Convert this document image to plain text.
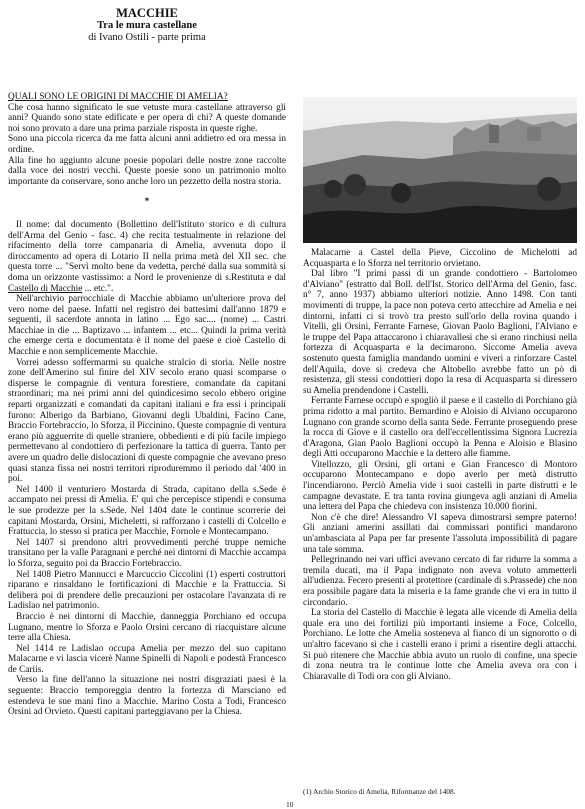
MACCHIE
Tra le mura castellane
di Ivano Ostili - parte prima

QUALI SONO LE ORIGINI DI MACCHIE DI AMELIA?

Che cosa hanno significato le sue vetuste mura castellane attraverso gli anni? Quando sono state edificate e per opera di chi? A queste domande noi sono provato a dare una prima parziale risposta in queste righe.

Sono una piccola ricerca da me fatta alcuni anni addietro ed ora messa in ordine.

Alla fine ho aggiunto alcune poesie popolari delle nostre zone raccolte dalla voce dei nostri vecchi. Queste poesie sono un patrimonio molto importante da conservare, sono anche loro un pezzetto della nostra storia.

*

Il nome: dal documento (Bollettino dell'Istituto storico e di cultura dell'Arma del Genio - fasc. 4) che recita testualmente in relazione del rifacimento della torre campanaria di Amelia, avvenuta dopo il diroccamento ad opera di Lotario II nella prima metà del XII sec. che questa torre ... "Servì molto bene da vedetta, perché dalla sua sommità si doma un orizzonte vastissimo: a Nord le provenienze di s.Restituta e dal Castello di Macchie ... etc.".

Nell'archivio parrocchiale di Macchie abbiamo un'ulteriore prova del vero nome del paese. Infatti nel registro dei battesimi dall'anno 1879 e seguenti, il sacerdote annota in latino ... Ego sac.... (nome) ... Castri Macchiae in die ... Baptizavo ... infantem ... etc... Quindi la prima verità che emerge certa e documentata è il nome del paese e cioè Castello di Macchie e non semplicemente Macchie.

Vorrei adesso soffermarmi su qualche stralcio di storia. Nelle nostre zone dell'Amerino sul finire del XIV secolo erano quasi scomparse o disperse le compagnie di ventura forestiere, comandate da capitani straordinari; ma nei primi anni del quindicesimo secolo ebbero origine reparti organizzati e comandati da capitani italiani e fra essi i principali furono: Alberigo da Barbiano, Giovanni degli Ubaldini, Facino Cane, Braccio Fortebraccio, lo Sforza, il Piccinino. Queste compagnie di ventura erano più agguerrite di quelle straniere, obbedienti e di più facile impiego permettevano al condottiero di perfezionare la tattica di guerra. Tanto per avere un quadro delle dislocazioni di queste compagnie che avevano preso quasi stanza fissa nei nostri territori riproduremmo il periodo dal '400 in poi.

Nel 1400 il venturiero Mostarda di Strada, capitano della s.Sede è accampato nei pressi di Amelia. E' qui che percepisce stipendi e consuma le sue prodezze per la s.Sede. Nel 1404 date le continue scorrerie dei capitani Mostarda, Orsini, Micheletti, si rafforzano i castelli di Colcello e Frattuccia, lo stesso si pratica per Macchie, Fornole e Montecampano.

Nel 1407 si prendono altri provvedimenti perché truppe nemiche transitano per la valle Paragnani e perché nei dintorni di Macchie accampa lo Sforza, seguito poi da Braccio Fortebraccio.

Nel 1408 Pietro Mannucci e Marcuccio Ciccolini (1) esperti costruttori riparano e rinsaldano le fortificazioni di Macchie e la Frattuccia. Si delibera poi di prendere delle precauzioni per ostacolare l'avanzata di re Ladislao nel patrimonio.

Braccio è nei dintorni di Macchie, danneggia Porchiano ed occupa Lugnano, mentre lo Sforza e Paolo Orsini cercano di riacquistare alcune terre alla Chiesa.

Nel 1414 re Ladislao occupa Amelia per mezzo del suo capitano Malacarne e vi lascia vicerè Nanne Spinelli di Napoli e podestà Francesco de Cariis.

Verso la fine dell'anno la situazione nei nostri disgraziati paesi è la seguente: Braccio temporeggia dentro la fortezza di Marsciano ed estendeva le sue mani fino a Macchie. Marino Costa a Todi, Francesco Orsini ad Orvieto. Questi capitani parteggiavano per la Chiesa.

Malacarne a Castel della Pieve, Ciccolino de Michelotti ad Acquasparta e lo Sforza nel territorio orvietano.

Dal libro "I primi passi di un grande condottiero - Bartolomeo d'Alviano" (estratto dal Boll. dell'Ist. Storico dell'Arma del Genio, fasc. n° 7, anno 1937) abbiamo ulteriori notizie. Anno 1498. Con tanti movimenti di truppe, la pace non poteva certo attecchire ad Amelia e nei dintorni, infatti ci si trovò tra presto sull'orlo della rovina quando i Vitelli, gli Orsini, Ferrante Farnese, Giovan Paolo Baglioni, l'Alviano e le truppe del Papa attaccarono i chiaravallesi che si erano rinchiusi nella fortezza di Acquasparta e la decimarono. Siccome Amelia aveva sostenuto questa famiglia mandando uomini e viveri a rinforzare Castel dell'Aquila, dove si credeva che Altobello avrebbe fatto un pò di resistenza, gli stessi condottieri dopo la resa di Acquasparta si diressero su Amelia prendendone i Castelli.

Ferrante Farnese occupò e spogliò il paese e il castello di Porchiano già prima ridotto a mal partito. Bernardino e Aloisio di Alviano occuparono Lugnano con grande scorno della santa Sede. Ferrante proseguendo prese la rocca di Giove e il castello ora dell'eccellentissima Signora Lucrezia d'Aragona, Gian Paolo Baglioni occupò la Penna e Aloisio e Blasino degli Atti occuparono Macchie e la dettero alle fiamme.

Vitellozzo, gli Orsini, gli ortani e Gian Francesco di Montoro occuparono Montecampano e dopo averlo per metà distrutto l'incendiarono. Perciò Amelia vide i suoi castelli in parte distrutti e le campagne devastate. E tra tanta rovina giungeva agli anziani di Amelia una lettera del Papa che chiedeva con insistenza 10.000 fiorini.

Non c'è che dire! Alessandro VI sapeva dimostrarsi sempre paterno! Gli anziani amerini assillati dai commissari pontifici mandarono un'ambasciata al Papa per far presente l'assoluta impossibilità di pagare una tale somma.

Pellegrinando nei vari uffici avevano cercato di far ridurre la somma a tremila ducati, ma il Papa indignato non aveva voluto ammetterli all'udienza. Fecero presenti al protettore (cardinale di s.Prassede) che non era possibile pagare data la miseria e la fame grande che vi era in tutto il circondario.

La storia del Castello di Macchie è legata alle vicende di Amelia della quale era uno dei fortilizi più importanti insieme a Foce, Colcello, Porchiano. Le lotte che Amelia sosteneva al fianco di un signorotto o di un'altro facevano sì che i castelli erano i primi a risentire degli attacchi. Si può ritenere che Macchie abbia avuto un ruolo di confine, una specie di zona neutra tra le continue lotte che Amelia aveva ora con i Chiaravalle di Todi ora con gli Alviano.

(1) Archio Storico di Amelia, Riformanze del 1408.
10
